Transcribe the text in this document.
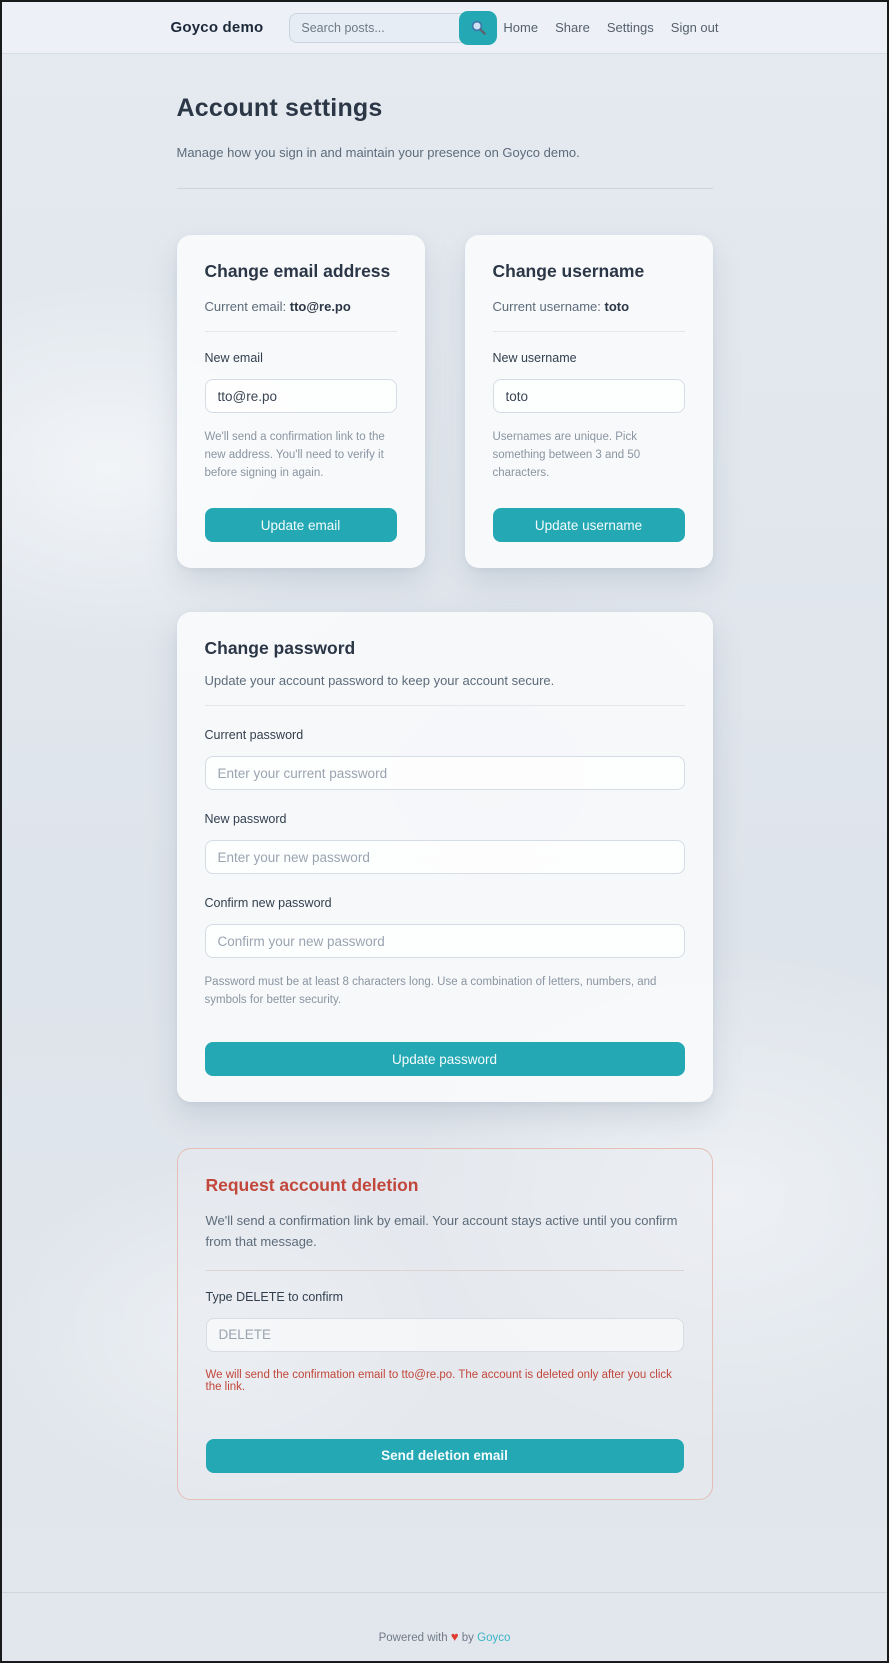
Goyco demo
Search posts...	Home Share Settings Sign out
Account settings
Manage how you sign in and maintain your presence on Goyco demo.
Change email address
Current email: tto@re.po
New email
tto@re.po
We'll send a confirmation link to the new address. You'll need to verify it before signing in again.
Update email
Change username
Current username: toto
New username
toto
Usernames are unique. Pick something between 3 and 50 characters.
Update username
Change password
Update your account password to keep your account secure.
Current password
New password
Confirm new password
Password must be at least 8 characters long. Use a combination of letters, numbers, and symbols for better security.
Update password
Request account deletion
We'll send a confirmation link by email. Your account stays active until you confirm from that message.
Type DELETE to confirm
DELETE
We will send the confirmation email to tto@re.po. The account is deleted only after you click the link.
Send deletion email
Powered with ♥ by Goyco
